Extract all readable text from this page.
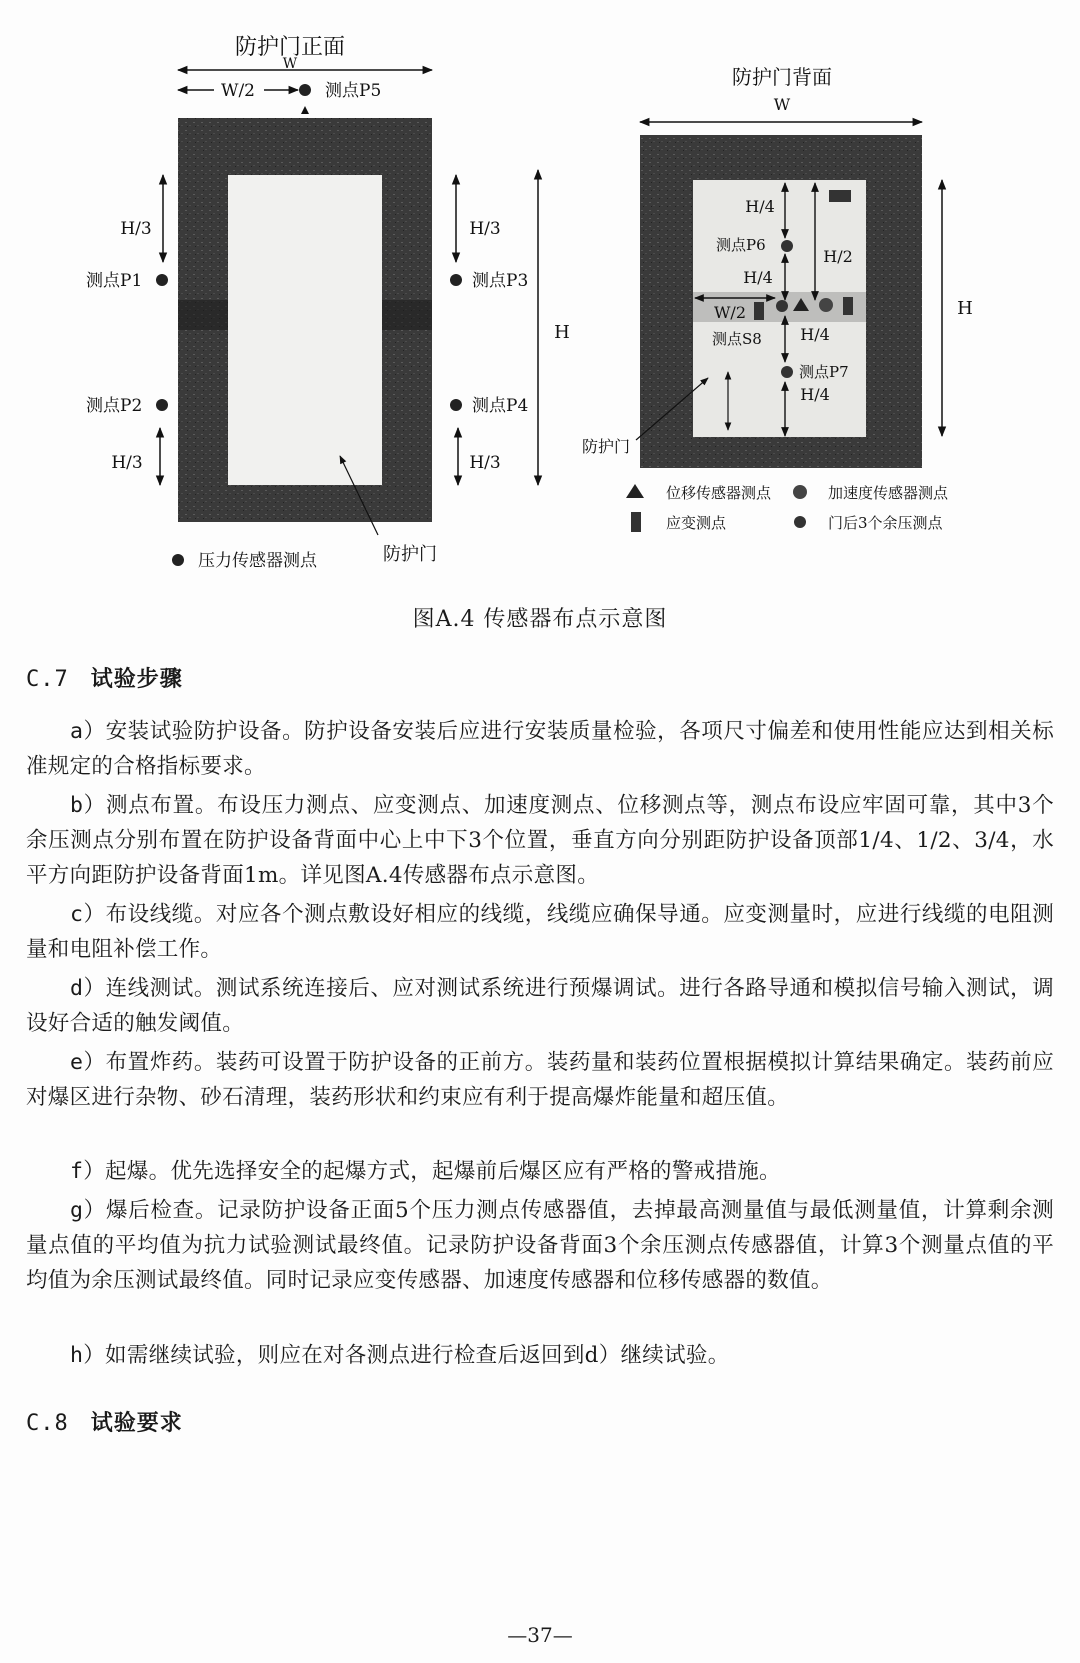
防护门正面
W
W/2	测点P5
H/3
测点P1
测点P2
H/3
H/3
测点P3
测点P4
H/3
H
防护门
压力传感器测点
防护门背面
W
H/4
H/2
测点P6
H/4
W/2
测点S8 H/4
测点P7
H/4
H
防护门
位移传感器测点	加速度传感器测点
应变测点	门后3个余压测点
图A.4 传感器布点示意图
C.7 试验步骤
a）安装试验防护设备。防护设备安装后应进行安装质量检验，各项尺寸偏差和使用性能应达到相关标准规定的合格指标要求。
b）测点布置。布设压力测点、应变测点、加速度测点、位移测点等，测点布设应牢固可靠，其中3个余压测点分别布置在防护设备背面中心上中下3个位置，垂直方向分别距防护设备顶部1/4、1/2、3/4，水平方向距防护设备背面1m。详见图A.4传感器布点示意图。
c）布设线缆。对应各个测点敷设好相应的线缆，线缆应确保导通。应变测量时，应进行线缆的电阻测量和电阻补偿工作。
d）连线测试。测试系统连接后、应对测试系统进行预爆调试。进行各路导通和模拟信号输入测试，调设好合适的触发阈值。
e）布置炸药。装药可设置于防护设备的正前方。装药量和装药位置根据模拟计算结果确定。装药前应对爆区进行杂物、砂石清理，装药形状和约束应有利于提高爆炸能量和超压值。
f）起爆。优先选择安全的起爆方式，起爆前后爆区应有严格的警戒措施。
g）爆后检查。记录防护设备正面5个压力测点传感器值，去掉最高测量值与最低测量值，计算剩余测量点值的平均值为抗力试验测试最终值。记录防护设备背面3个余压测点传感器值，计算3个测量点值的平均值为余压测试最终值。同时记录应变传感器、加速度传感器和位移传感器的数值。
h）如需继续试验，则应在对各测点进行检查后返回到d）继续试验。
C.8 试验要求
—37—
